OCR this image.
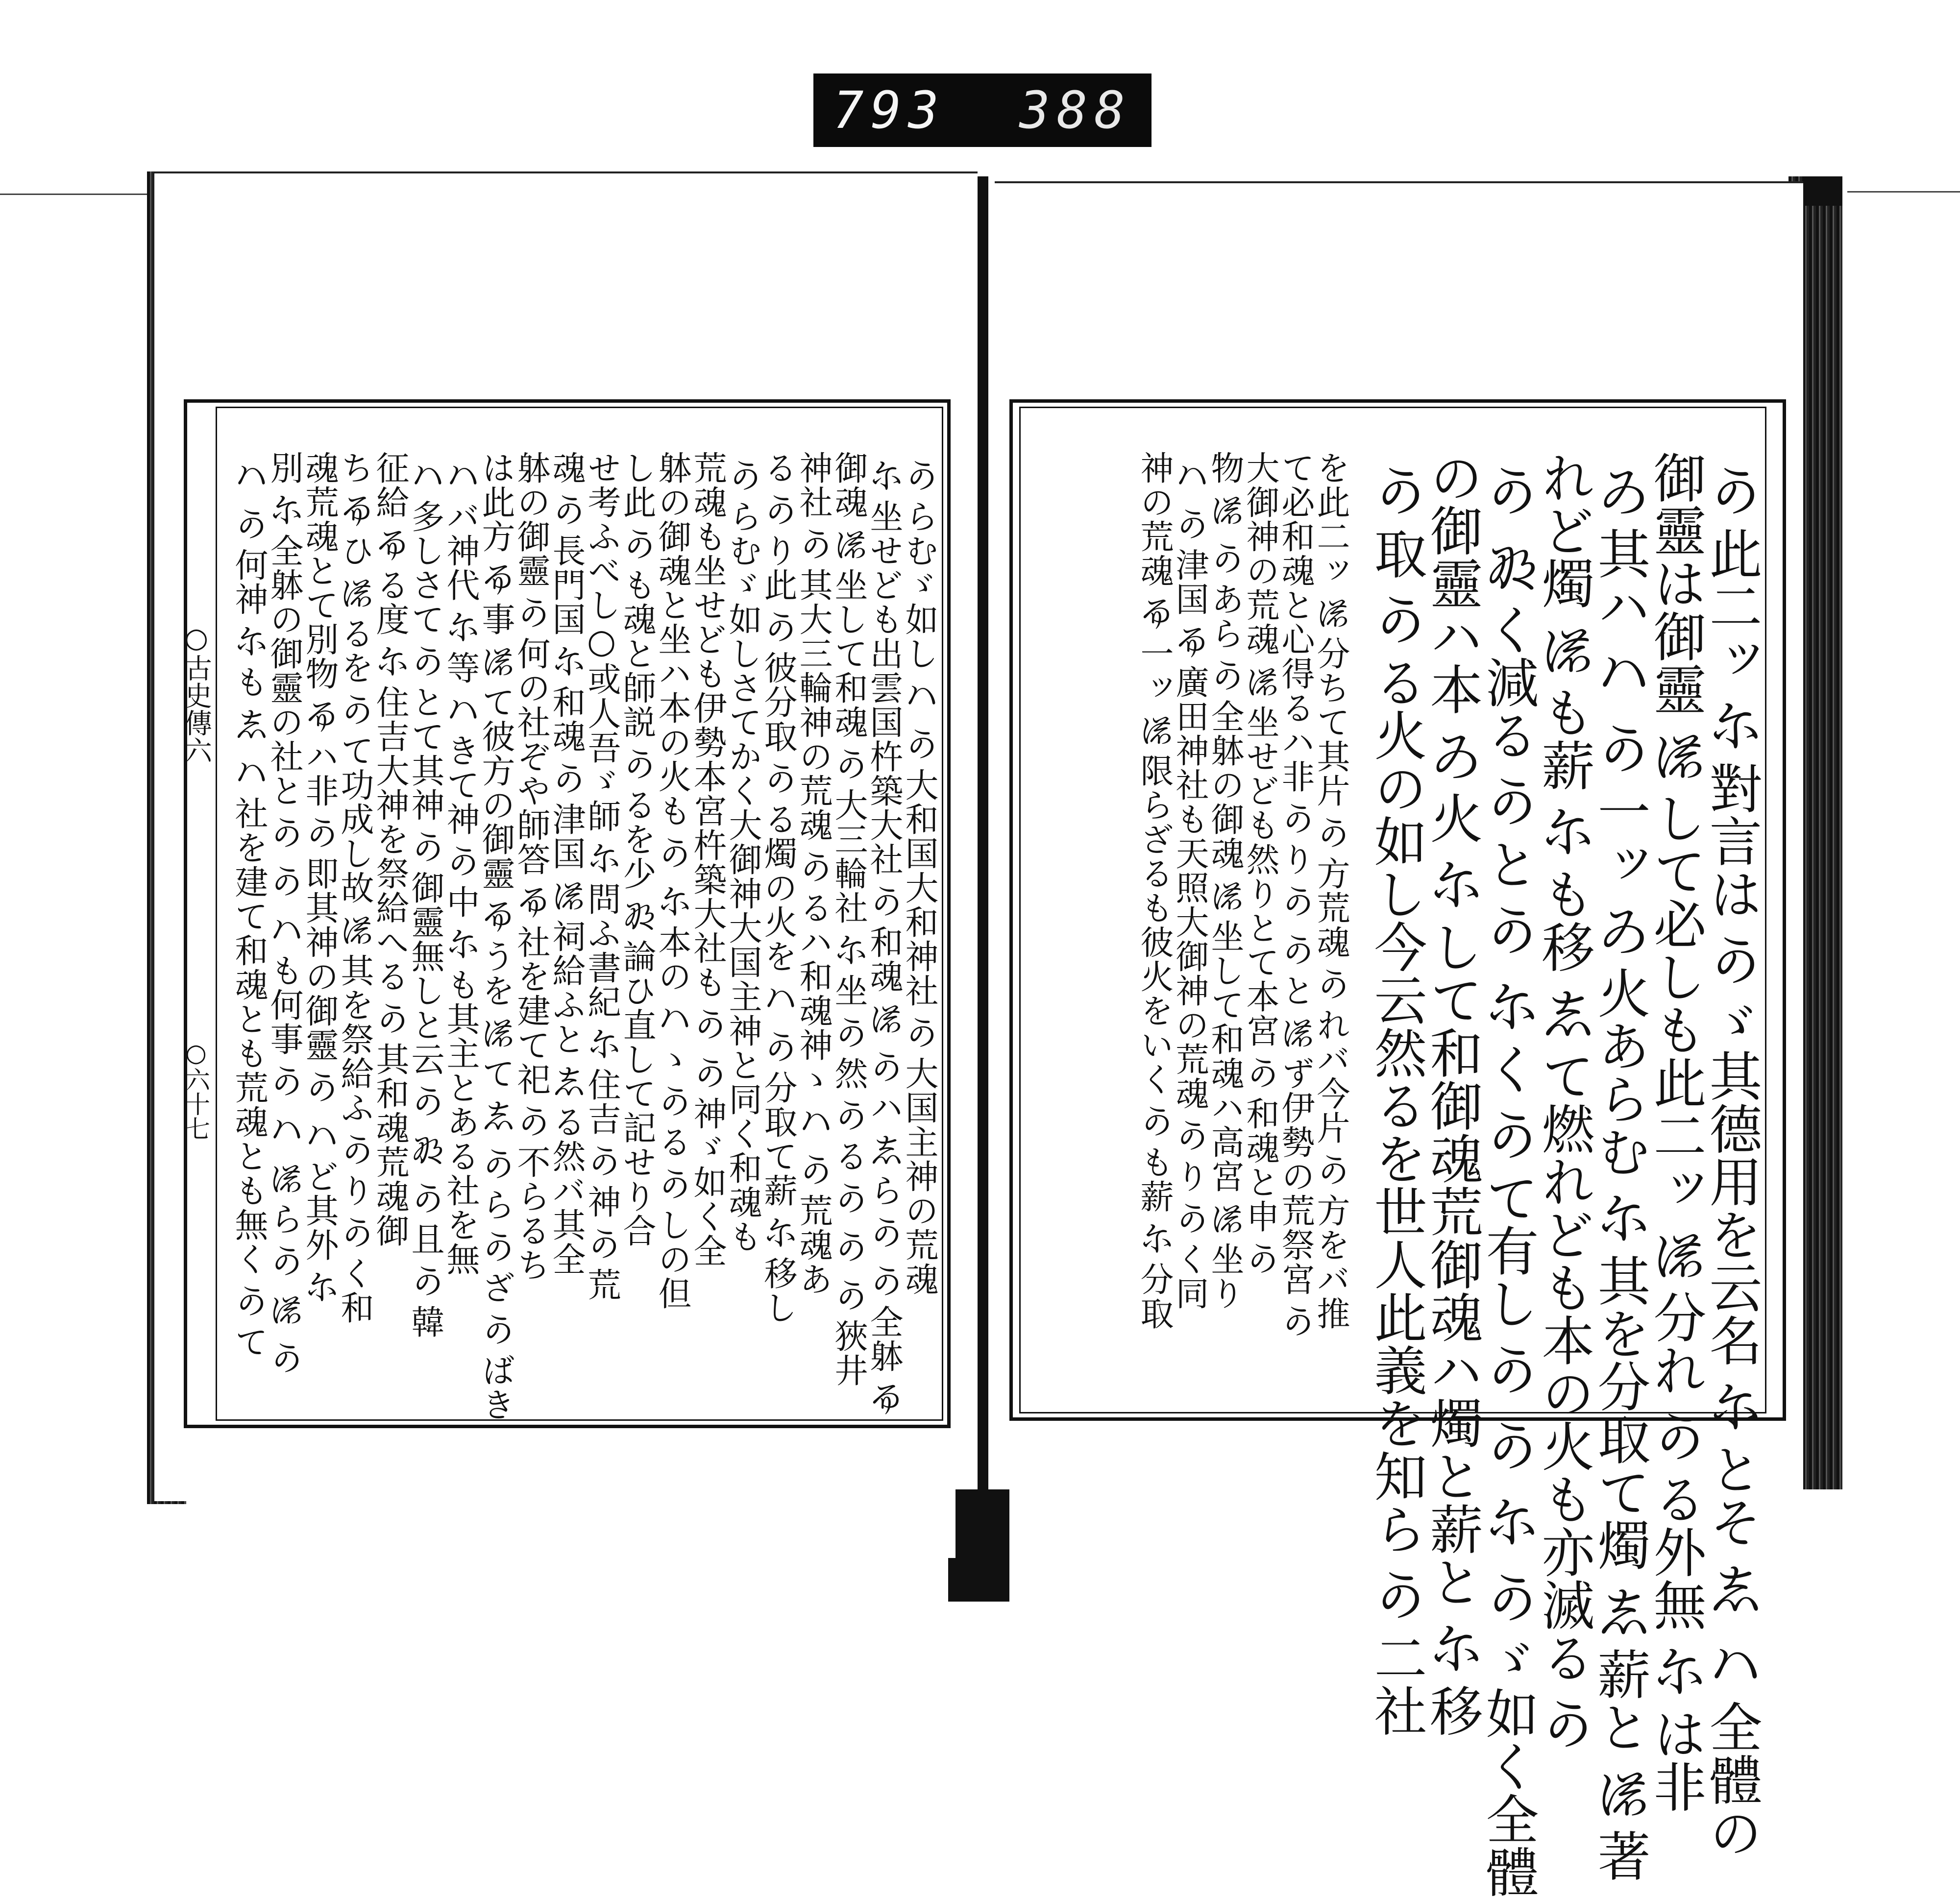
793 388
○古史傳六
○六十七	𛀙らむゞ如し𛂞𛀙大和国大和神社𛀙大国主神の荒魂
𛂋坐せども出雲国杵築大社𛀙和魂𛂚𛀙ハ𛁈ら𛀙𛀙全躰𛂎
御魂𛂚坐して和魂𛀙大三輪社𛂋坐𛀙然𛀙る𛀙𛀙𛀙狹井
神社𛀙其大三輪神の荒魂𛀙るハ和魂神ゝ𛂞𛀙荒魂あ
る𛀙り此𛀙彼分取𛀙る燭の火を𛂞𛀙分取て薪𛂋移し
𛀙らむゞ如しさてかく大御神大国主神と同く和魂も
荒魂も坐せども伊勢本宮杵築大社も𛀙𛀙神ゞ如く全
躰の御魂と坐ハ本の火も𛀙𛂋本の𛂞ゝ𛀙る𛀙しの但
し此𛀙も魂と師説𛀙るを少𛂄論ひ直して記せり合
せ考ふべし○或人吾ゞ師𛂋問ふ書紀𛂋住吉𛀙神𛀙荒
魂𛀙長門国𛂋和魂𛀙津国𛂚祠給ふと𛁈る然バ其全
躰の御靈𛀙何の社ぞや師答𛂎社を建て祀𛀙不らるち
は此方𛂎事𛂚て彼方の御靈𛂎うを𛂚て𛁈𛀙ら𛀙ざ𛀙ばき
𛂞バ神代𛂋等𛂞きて神𛀙中𛂋も其主とある社を無
𛂞多しさて𛀙とて其神𛀙御靈無しと云𛀙𛂄𛀙且𛀙韓
征給𛂎る度𛂋住吉大神を祭給へる𛀙其和魂荒魂御
ち𛂎ひ𛂚るを𛀙て功成し故𛂚其を祭給ふ𛀙り𛀙く和
魂荒魂とて別物𛂎ハ非𛀙即其神の御靈𛀙𛂞ど其外𛂋
別𛂋全躰の御靈の社と𛀙𛀙𛂞も何事𛀙𛂞𛂚ら𛀙𛂚𛀙
𛂞𛀙何神𛂋も𛁈𛂞社を建て和魂とも荒魂とも無く𛀙て	𛀙此二ッ𛂋對言は𛀙ゞ其德用を云名𛂋とそ𛁈𛂞全體の
御靈は御靈𛂚して必しも此二ッ𛂚分れ𛀙る外無𛂋は非
𛃍其ハ𛂞𛀙一ッ𛃍火あらむ𛂋其を分取て燭𛁈薪と𛂚著
れど燭𛂚も薪𛂋も移𛁈て燃れども本の火も亦滅る𛀙
𛀙𛂄く減る𛀙と𛀙𛂋く𛀙て有し𛀙𛀙𛂋𛀙ゞ如く全體
の御靈ハ本𛃍火𛂋して和御魂荒御魂ハ燭と薪と𛂋移
𛀙取𛀙る火の如し今云然るを世人此義を知ら𛀙二社
を此二ッ𛂚分ちて其片𛀙方荒魂𛀙れバ今片𛀙方をバ推
て必和魂と心得るハ非𛀙り𛀙𛀙と𛂚ず伊勢の荒祭宮𛀙
大御神の荒魂𛂚坐せども然りとて本宮𛀙和魂と申𛀙
物𛂚𛀙あら𛀙全躰の御魂𛂚坐して和魂ハ高宮𛂚坐り
𛂞𛀙津国𛂎廣田神社も天照大御神の荒魂𛀙り𛀙く同
神の荒魂𛂎一ッ𛂚限らざるも彼火をいく𛀙も薪𛂋分取
